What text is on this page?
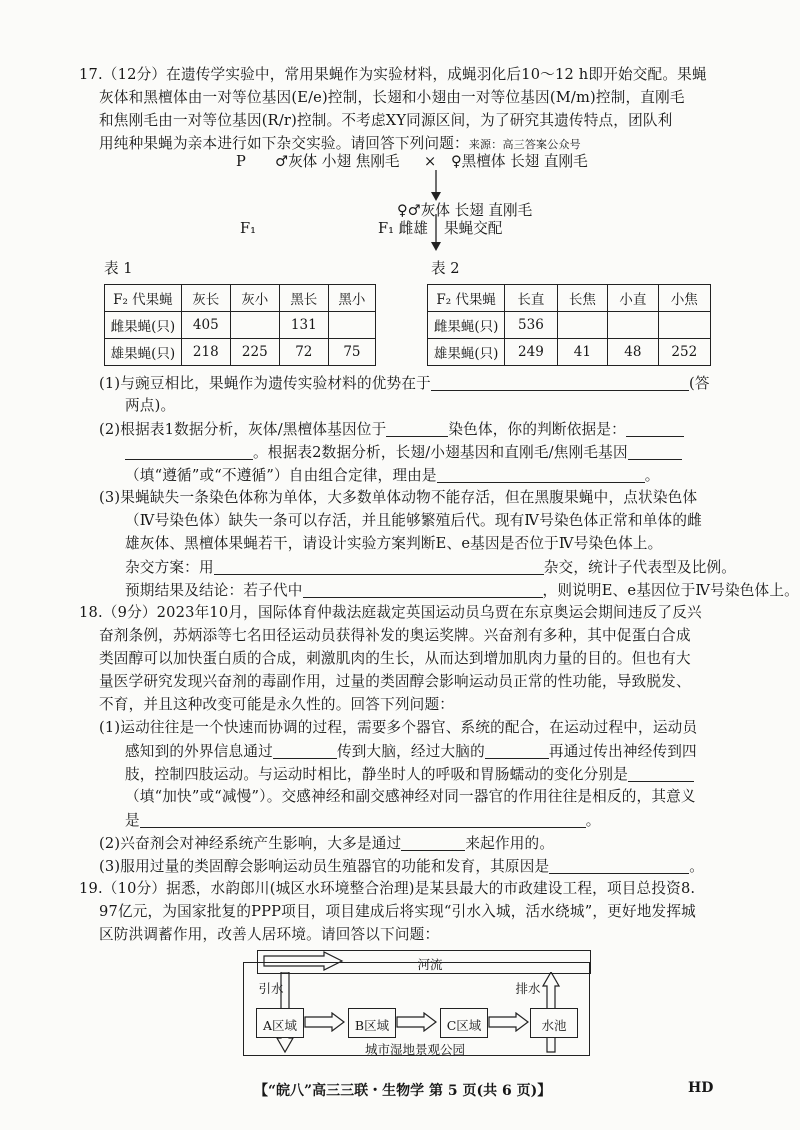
17.（12分）在遗传学实验中，常用果蝇作为实验材料，成蝇羽化后10～12 h即开始交配。果蝇
灰体和黑檀体由一对等位基因(E/e)控制，长翅和小翅由一对等位基因(M/m)控制，直刚毛
和焦刚毛由一对等位基因(R/r)控制。不考虑XY同源区间，为了研究其遗传特点，团队利
用纯种果蝇为亲本进行如下杂交实验。请回答下列问题：来源：高三答案公众号
P ♂灰体 小翅 焦刚毛 × ♀黑檀体 长翅 直刚毛
♀♂灰体 长翅 直刚毛
F₁	F₁ 雌雄 果蝇交配
表 1
F₂ 代果蝇	灰长	灰小	黑长	黑小
雌果蝇(只)	405		131	
雄果蝇(只)	218	225	72	75
表 2
F₂ 代果蝇	长直	长焦	小直	小焦
雌果蝇(只)	536			
雄果蝇(只)	249	41	48	252
(1)与豌豆相比，果蝇作为遗传实验材料的优势在于	(答
两点)。
(2)根据表1数据分析，灰体/黑檀体基因位于	染色体，你的判断依据是：
。根据表2数据分析，长翅/小翅基因和直刚毛/焦刚毛基因
（填“遵循”或“不遵循”）自由组合定律，理由是	。
(3)果蝇缺失一条染色体称为单体，大多数单体动物不能存活，但在黑腹果蝇中，点状染色体
（Ⅳ号染色体）缺失一条可以存活，并且能够繁殖后代。现有Ⅳ号染色体正常和单体的雌
雄灰体、黑檀体果蝇若干，请设计实验方案判断E、e基因是否位于Ⅳ号染色体上。
杂交方案：用	杂交，统计子代表型及比例。
预期结果及结论：若子代中	，则说明E、e基因位于Ⅳ号染色体上。
18.（9分）2023年10月，国际体育仲裁法庭裁定英国运动员乌贾在东京奥运会期间违反了反兴
奋剂条例，苏炳添等七名田径运动员获得补发的奥运奖牌。兴奋剂有多种，其中促蛋白合成
类固醇可以加快蛋白质的合成，刺激肌肉的生长，从而达到增加肌肉力量的目的。但也有大
量医学研究发现兴奋剂的毒副作用，过量的类固醇会影响运动员正常的性功能，导致脱发、
不育，并且这种改变可能是永久性的。回答下列问题：
(1)运动往往是一个快速而协调的过程，需要多个器官、系统的配合，在运动过程中，运动员
感知到的外界信息通过	传到大脑，经过大脑的	再通过传出神经传到四
肢，控制四肢运动。与运动时相比，静坐时人的呼吸和胃肠蠕动的变化分别是
（填“加快”或“减慢”）。交感神经和副交感神经对同一器官的作用往往是相反的，其意义
是	。
(2)兴奋剂会对神经系统产生影响，大多是通过	来起作用的。
(3)服用过量的类固醇会影响运动员生殖器官的功能和发育，其原因是	。
19.（10分）据悉，水韵郎川(城区水环境整合治理)是某县最大的市政建设工程，项目总投资8.
97亿元，为国家批复的PPP项目，项目建成后将实现“引水入城，活水绕城”，更好地发挥城
区防洪调蓄作用，改善人居环境。请回答以下问题：
河流
引水	排水
A区域	B区域	C区域	水池
城市湿地景观公园
【“皖八”高三三联・生物学 第 5 页(共 6 页)】	HD
